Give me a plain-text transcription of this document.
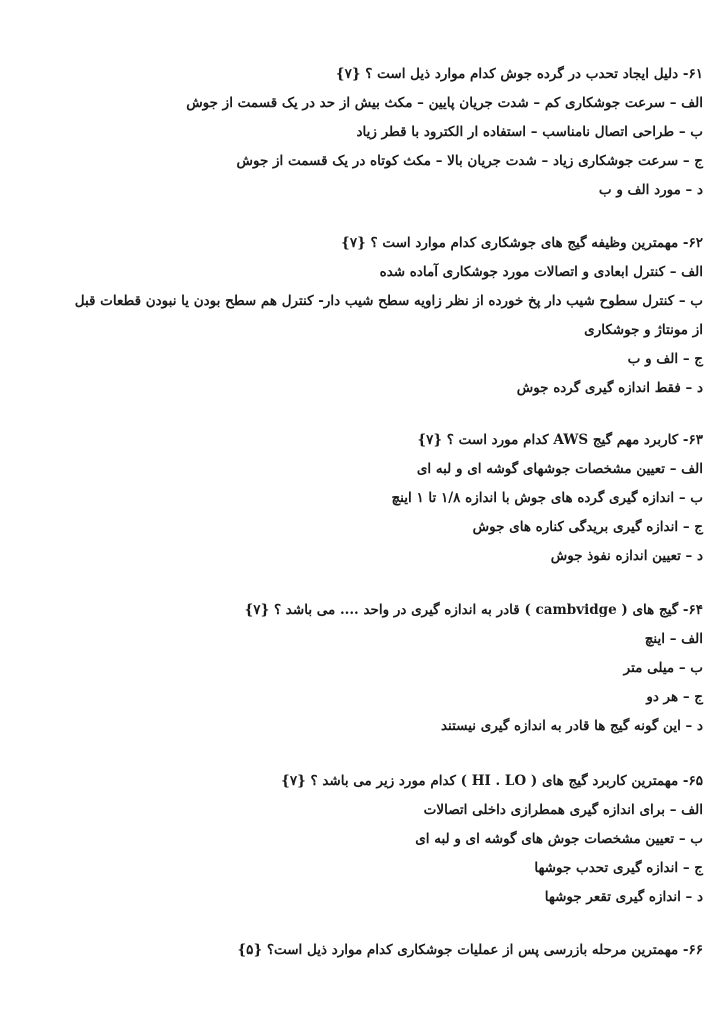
۶۱- دلیل ایجاد تحدب در گرده جوش کدام موارد ذیل است ؟ {۷}
الف – سرعت جوشکاری کم – شدت جریان پایین – مکث بیش از حد در یک قسمت از جوش
ب – طراحی اتصال نامناسب – استفاده ار الکترود با قطر زیاد
ج – سرعت جوشکاری زیاد – شدت جریان بالا – مکث کوتاه در یک قسمت از جوش
د – مورد الف و ب
۶۲- مهمترین وظیفه گیج های جوشکاری کدام موارد است ؟ {۷}
الف – کنترل ابعادی و اتصالات مورد جوشکاری آماده شده
ب – کنترل سطوح شیب دار پخ خورده از نظر زاویه سطح شیب دار- کنترل هم سطح بودن یا نبودن قطعات قبل از مونتاژ و جوشکاری
ج – الف و ب
د – فقط اندازه گیری گرده جوش
۶۳- کاربرد مهم گیج AWS کدام مورد است ؟ {۷}
الف – تعیین مشخصات جوشهای گوشه ای و لبه ای
ب – اندازه گیری گرده های جوش با اندازه ۱/۸ تا ۱ اینچ
ج – اندازه گیری بریدگی کناره های جوش
د – تعیین اندازه نفوذ جوش
۶۴- گیج های ( cambvidge ) قادر به اندازه گیری در واحد .... می باشد ؟ {۷}
الف – اینچ
ب – میلی متر
ج – هر دو
د – این گونه گیج ها قادر به اندازه گیری نیستند
۶۵- مهمترین کاربرد گیج های ( HI . LO ) کدام مورد زیر می باشد ؟ {۷}
الف – برای اندازه گیری همطرازی داخلی اتصالات
ب – تعیین مشخصات جوش های گوشه ای و لبه ای
ج – اندازه گیری تحدب جوشها
د – اندازه گیری تقعر جوشها
۶۶- مهمترین مرحله بازرسی پس از عملیات جوشکاری کدام موارد ذیل است؟ {۵}
